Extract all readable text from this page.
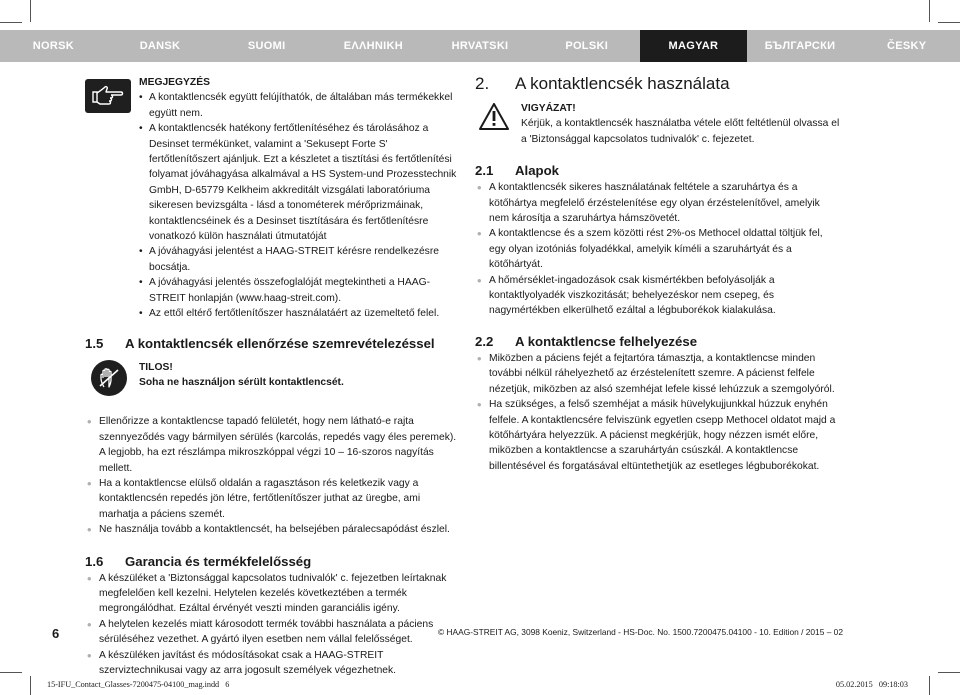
NORSK	DANSK	SUOMI	ΕΛΛΗΝΙΚΗ	HRVATSKI	POLSKI	MAGYAR	БЪЛГАРСКИ	ČESKY
MEGJEGYZÉS
• A kontaktlencsék együtt felújíthatók, de általában más termékekkel együtt nem.
• A kontaktlencsék hatékony fertőtlenítéséhez és tárolásához a Desinset termékünket, valamint a 'Sekusept Forte S' fertőtlenítőszert ajánljuk. Ezt a készletet a tisztítási és fertőtlenítési folyamat jóváhagyása alkalmával a HS System-und Prozesstechnik GmbH, D-65779 Kelkheim akkreditált vizsgálati laboratóriuma sikeresen bevizsgálta - lásd a tonométerek mérőprizmáinak, kontaktlencséinek és a Desinset tisztítására és fertőtlenítésre vonatkozó külön használati útmutatóját
• A jóváhagyási jelentést a HAAG-STREIT kérésre rendelkezésre bocsátja.
• A jóváhagyási jelentés összefoglalóját megtekintheti a HAAG-STREIT honlapján (www.haag-streit.com).
• Az ettől eltérő fertőtlenítőszer használatáért az üzemeltető felel.
1.5	A kontaktlencsék ellenőrzése szemrevételezéssel
TILOS!
Soha ne használjon sérült kontaktlencsét.
• Ellenőrizze a kontaktlencse tapadó felületét, hogy nem látható-e rajta szennyeződés vagy bármilyen sérülés (karcolás, repedés vagy éles peremek). A legjobb, ha ezt részlámpa mikroszkóppal végzi 10 – 16-szoros nagyítás mellett.
• Ha a kontaktlencse elülső oldalán a ragasztáson rés keletkezik vagy a kontaktlencsén repedés jön létre, fertőtlenítőszer juthat az üregbe, ami marhatja a páciens szemét.
• Ne használja tovább a kontaktlencsét, ha belsejében páralecsapódást észlel.
1.6	Garancia és termékfelelősség
• A készüléket a 'Biztonsággal kapcsolatos tudnivalók' c. fejezetben leírtaknak megfelelően kell kezelni. Helytelen kezelés következtében a termék megrongálódhat. Ezáltal érvényét veszti minden garanciális igény.
• A helytelen kezelés miatt károsodott termék további használata a páciens sérüléséhez vezethet. A gyártó ilyen esetben nem vállal felelősséget.
• A készüléken javítást és módosításokat csak a HAAG-STREIT szerviztechnikusai vagy az arra jogosult személyek végezhetnek.
2.	A kontaktlencsék használata
VIGYÁZAT!
Kérjük, a kontaktlencsék használatba vétele előtt feltétlenül olvassa el a 'Biztonsággal kapcsolatos tudnivalók' c. fejezetet.
2.1	Alapok
• A kontaktlencsék sikeres használatának feltétele a szaruhártya és a kötőhártya megfelelő érzéstelenítése egy olyan érzéstelenítővel, amelyik nem károsítja a szaruhártya hámszövetét.
• A kontaktlencse és a szem közötti rést 2%-os Methocel oldattal töltjük fel, egy olyan izotóniás folyadékkal, amelyik kíméli a szaruhártyát és a kötőhártyát.
• A hőmérséklet-ingadozások csak kismértékben befolyásolják a kontaktlyolyadék viszkozitását; behelyezéskor nem csepeg, és nagymértékben elkerülhető ezáltal a légbuborékok kialakulása.
2.2	A kontaktlencse felhelyezése
• Miközben a páciens fejét a fejtartóra támasztja, a kontaktlencse minden további nélkül ráhelyezhető az érzéstelenített szemre. A pácienst felfele nézetjük, miközben az alsó szemhéjat lefele kissé lehúzzuk a szemgolyóról.
• Ha szükséges, a felső szemhéjat a másik hüvelykujjunkkal húzzuk enyhén felfele. A kontaktlencsére felviszünk egyetlen csepp Methocel oldatot majd a kötőhártyára helyezzük. A pácienst megkérjük, hogy nézzen ismét előre, miközben a kontaktlencse a szaruhártyán csúszkál. A kontaktlencse billentésével és forgatásával eltüntethetjük az esetleges légbuborékokat.
6	© HAAG-STREIT AG, 3098 Koeniz, Switzerland - HS-Doc. No. 1500.7200475.04100 - 10. Edition / 2015 – 02
15-IFU_Contact_Glasses-7200475-04100_mag.indd   6	05.02.2015   09:18:03
